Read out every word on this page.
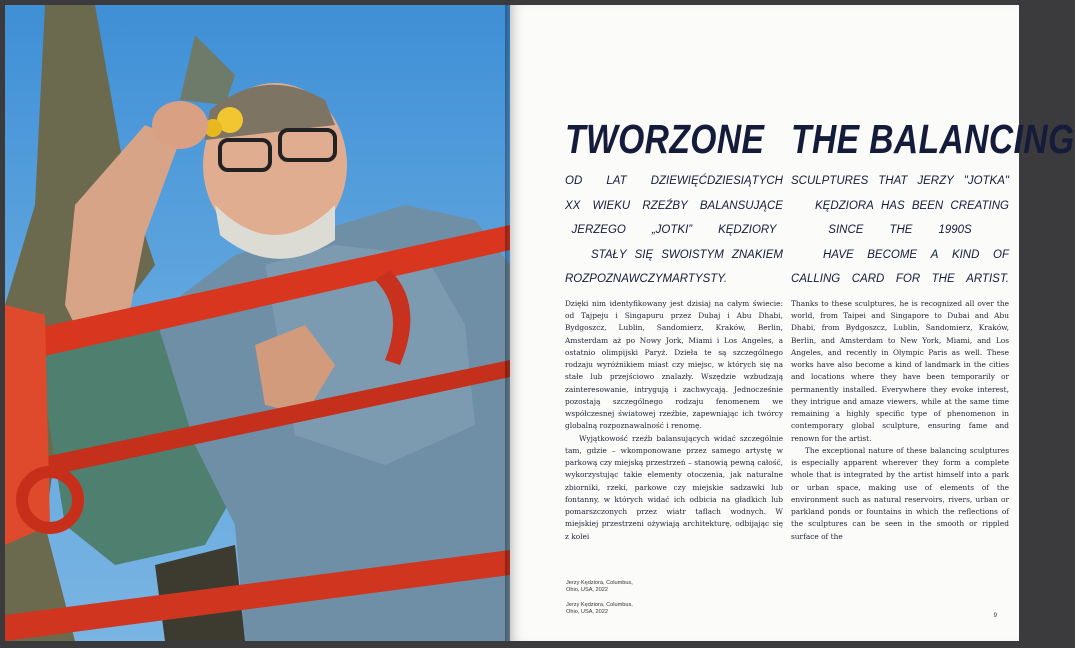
TWORZONE
OD LAT DZIEWIĘĆDZIESIĄTYCH
XX WIEKU RZEŹBY BALANSUJĄCE
JERZEGO „JOTKI” KĘDZIORY
STAŁY SIĘ SWOISTYM ZNAKIEM
ROZPOZNAWCZYM ARTYSTY.

Dzięki nim identyfikowany jest dzisiaj na całym świecie: od Tajpeju i Singapuru przez Dubaj i Abu Dhabi, Bydgoszcz, Lublin, Sandomierz, Kraków, Berlin, Amsterdam aż po Nowy Jork, Miami i Los Angeles, a ostatnio olimpijski Paryż. Dzieła te są szczególnego rodzaju wyróżnikiem miast czy miejsc, w których się na stałe lub przejściowo znalazły. Wszędzie wzbudzają zainteresowanie, intrygują i zachwycają. Jednocześnie pozostają szczególnego rodzaju fenomenem we współczesnej światowej rzeźbie, zapewniając ich twórcy globalną rozpoznawalność i renomę.

Wyjątkowość rzeźb balansujących widać szczególnie tam, gdzie – wkomponowane przez samego artystę w parkową czy miejską przestrzeń – stanowią pewną całość, wykorzystując takie elementy otoczenia, jak naturalne zbiorniki, rzeki, parkowe czy miejskie sadzawki lub fontanny, w których widać ich odbicia na gładkich lub pomarszczonych przez wiatr taflach wodnych. W miejskiej przestrzeni ożywiają architekturę, odbijając się z kolei

THE BALANCING
SCULPTURES THAT JERZY "JOTKA"
KĘDZIORA HAS BEEN CREATING
SINCE THE 1990S
HAVE BECOME A KIND OF
CALLING CARD FOR THE ARTIST.

Thanks to these sculptures, he is recognized all over the world, from Taipei and Singapore to Dubai and Abu Dhabi, from Bydgoszcz, Lublin, Sandomierz, Kraków, Berlin, and Amsterdam to New York, Miami, and Los Angeles, and recently in Olympic Paris as well. These works have also become a kind of landmark in the cities and locations where they have been temporarily or permanently installed. Everywhere they evoke interest, they intrigue and amaze viewers, while at the same time remaining a highly specific type of phenomenon in contemporary global sculpture, ensuring fame and renown for the artist.

The exceptional nature of these balancing sculptures is especially apparent wherever they form a complete whole that is integrated by the artist himself into a park or urban space, making use of elements of the environment such as natural reservoirs, rivers, urban or parkland ponds or fountains in which the reflections of the sculptures can be seen in the smooth or rippled surface of the

Jerzy Kędziora, Columbus,
Ohio, USA, 2022
Jerzy Kędziora, Columbus,
Ohio, USA, 2022
9
